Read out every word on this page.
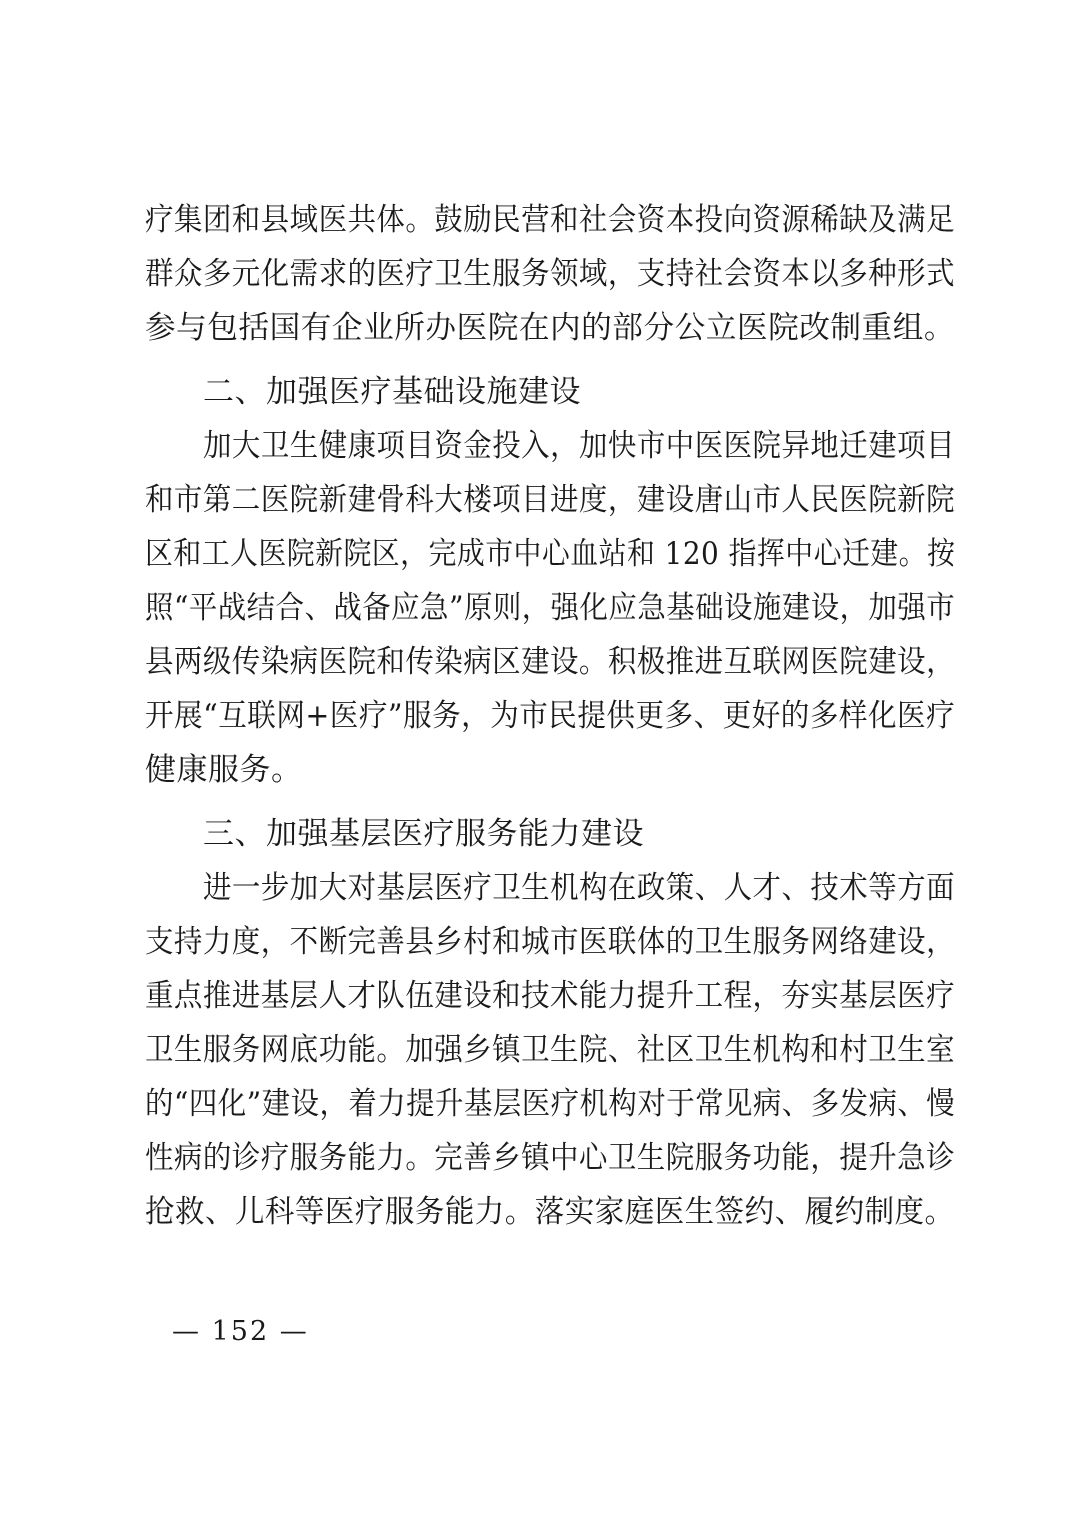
疗集团和县域医共体。鼓励民营和社会资本投向资源稀缺及满足
群众多元化需求的医疗卫生服务领域，支持社会资本以多种形式
参与包括国有企业所办医院在内的部分公立医院改制重组。
二、加强医疗基础设施建设
加大卫生健康项目资金投入，加快市中医医院异地迁建项目
和市第二医院新建骨科大楼项目进度，建设唐山市人民医院新院
区和工人医院新院区，完成市中心血站和 120 指挥中心迁建。按
照“平战结合、战备应急”原则，强化应急基础设施建设，加强市
县两级传染病医院和传染病区建设。积极推进互联网医院建设，
开展“互联网+医疗”服务，为市民提供更多、更好的多样化医疗
健康服务。
三、加强基层医疗服务能力建设
进一步加大对基层医疗卫生机构在政策、人才、技术等方面
支持力度，不断完善县乡村和城市医联体的卫生服务网络建设，
重点推进基层人才队伍建设和技术能力提升工程，夯实基层医疗
卫生服务网底功能。加强乡镇卫生院、社区卫生机构和村卫生室
的“四化”建设，着力提升基层医疗机构对于常见病、多发病、慢
性病的诊疗服务能力。完善乡镇中心卫生院服务功能，提升急诊
抢救、儿科等医疗服务能力。落实家庭医生签约、履约制度。
— 152 —
